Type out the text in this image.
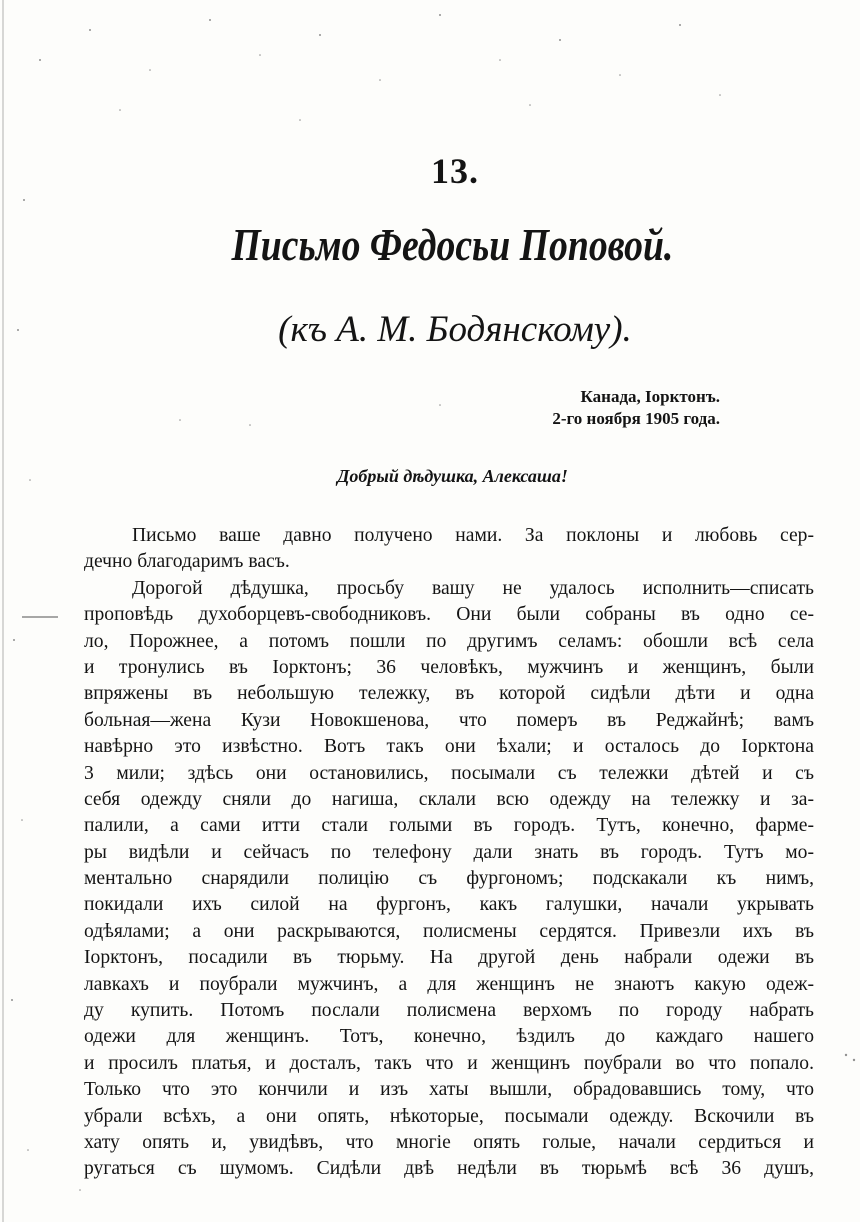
13.
Письмо Федосьи Поповой.
(къ А. М. Бодянскому).
Канада, Іорктонъ.
2-го ноября 1905 года.
Добрый дѣдушка, Алексаша!
Письмо ваше давно получено нами. За поклоны и любовь сер-
дечно благодаримъ васъ.
Дорогой дѣдушка, просьбу вашу не удалось исполнить—списать
проповѣдь духоборцевъ-свободниковъ. Они были собраны въ одно се-
ло, Порожнее, а потомъ пошли по другимъ селамъ: обошли всѣ села
и тронулись въ Іорктонъ; 36 человѣкъ, мужчинъ и женщинъ, были
впряжены въ небольшую тележку, въ которой сидѣли дѣти и одна
больная—жена Кузи Новокшенова, что померъ въ Реджайнѣ; вамъ
навѣрно это извѣстно. Вотъ такъ они ѣхали; и осталось до Іорктона
3 мили; здѣсь они остановились, посымали съ тележки дѣтей и съ
себя одежду сняли до нагиша, склали всю одежду на тележку и за-
палили, а сами итти стали голыми въ городъ. Тутъ, конечно, фарме-
ры видѣли и сейчасъ по телефону дали знать въ городъ. Тутъ мо-
ментально снарядили полицію съ фургономъ; подскакали къ нимъ,
покидали ихъ силой на фургонъ, какъ галушки, начали укрывать
одѣялами; а они раскрываются, полисмены сердятся. Привезли ихъ въ
Іорктонъ, посадили въ тюрьму. На другой день набрали одежи въ
лавкахъ и поубрали мужчинъ, а для женщинъ не знаютъ какую одеж-
ду купить. Потомъ послали полисмена верхомъ по городу набрать
одежи для женщинъ. Тотъ, конечно, ѣздилъ до каждаго нашего
и просилъ платья, и досталъ, такъ что и женщинъ поубрали во что попало.
Только что это кончили и изъ хаты вышли, обрадовавшись тому, что
убрали всѣхъ, а они опять, нѣкоторые, посымали одежду. Вскочили въ
хату опять и, увидѣвъ, что многіе опять голые, начали сердиться и
ругаться съ шумомъ. Сидѣли двѣ недѣли въ тюрьмѣ всѣ 36 душъ,
